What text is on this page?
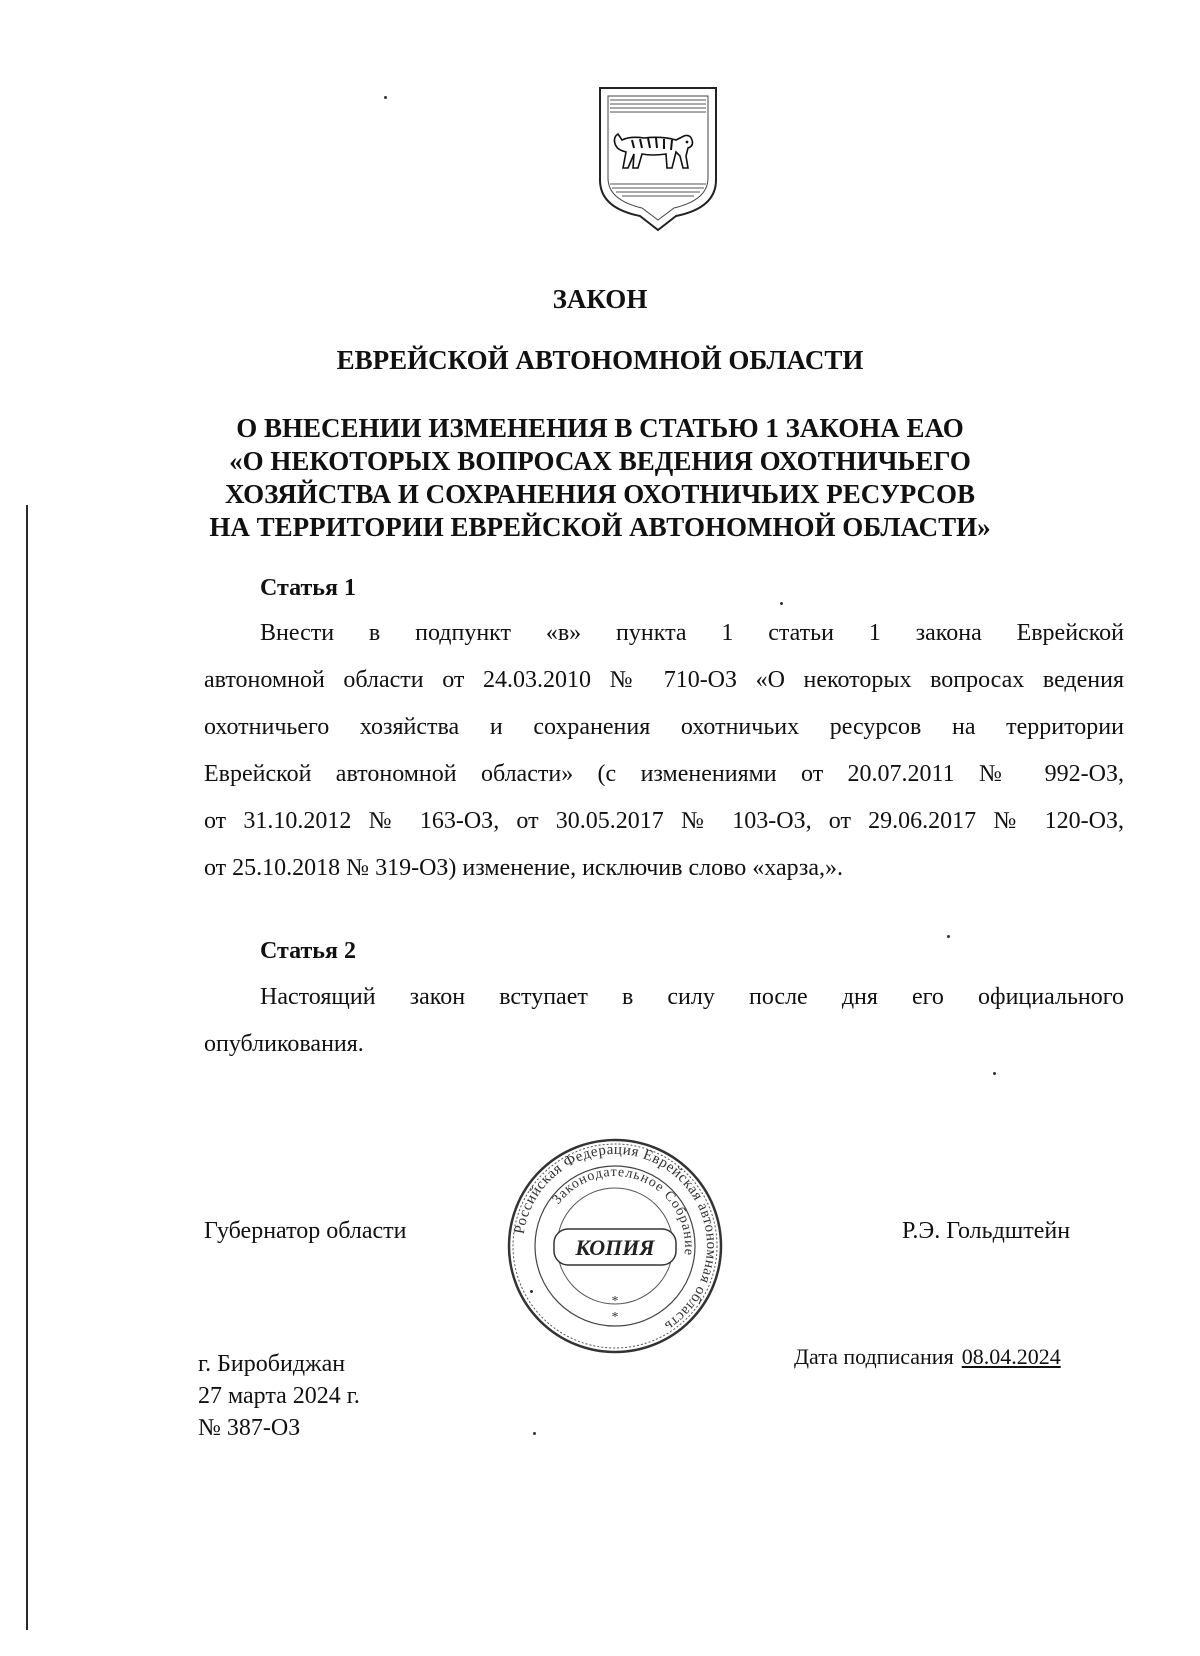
ЗАКОН
ЕВРЕЙСКОЙ АВТОНОМНОЙ ОБЛАСТИ
О ВНЕСЕНИИ ИЗМЕНЕНИЯ В СТАТЬЮ 1 ЗАКОНА ЕАО
«О НЕКОТОРЫХ ВОПРОСАХ ВЕДЕНИЯ ОХОТНИЧЬЕГО
ХОЗЯЙСТВА И СОХРАНЕНИЯ ОХОТНИЧЬИХ РЕСУРСОВ
НА ТЕРРИТОРИИ ЕВРЕЙСКОЙ АВТОНОМНОЙ ОБЛАСТИ»
Статья 1
Внести в подпункт «в» пункта 1 статьи 1 закона Еврейской
автономной области от 24.03.2010 № 710-ОЗ «О некоторых вопросах ведения
охотничьего хозяйства и сохранения охотничьих ресурсов на территории
Еврейской автономной области» (с изменениями от 20.07.2011 № 992-ОЗ,
от 31.10.2012 № 163-ОЗ, от 30.05.2017 № 103-ОЗ, от 29.06.2017 № 120-ОЗ,
от 25.10.2018 № 319-ОЗ) изменение, исключив слово «харза,».
Статья 2
Настоящий закон вступает в силу после дня его официального
опубликования.
Губернатор области	Российская Федерация Еврейская автономная область
Законодательное Собрание
КОПИЯ
*
*
Р.Э. Гольдштейн
г. Биробиджан
27 марта 2024 г.
№ 387-ОЗ
Дата подписания 08.04.2024
